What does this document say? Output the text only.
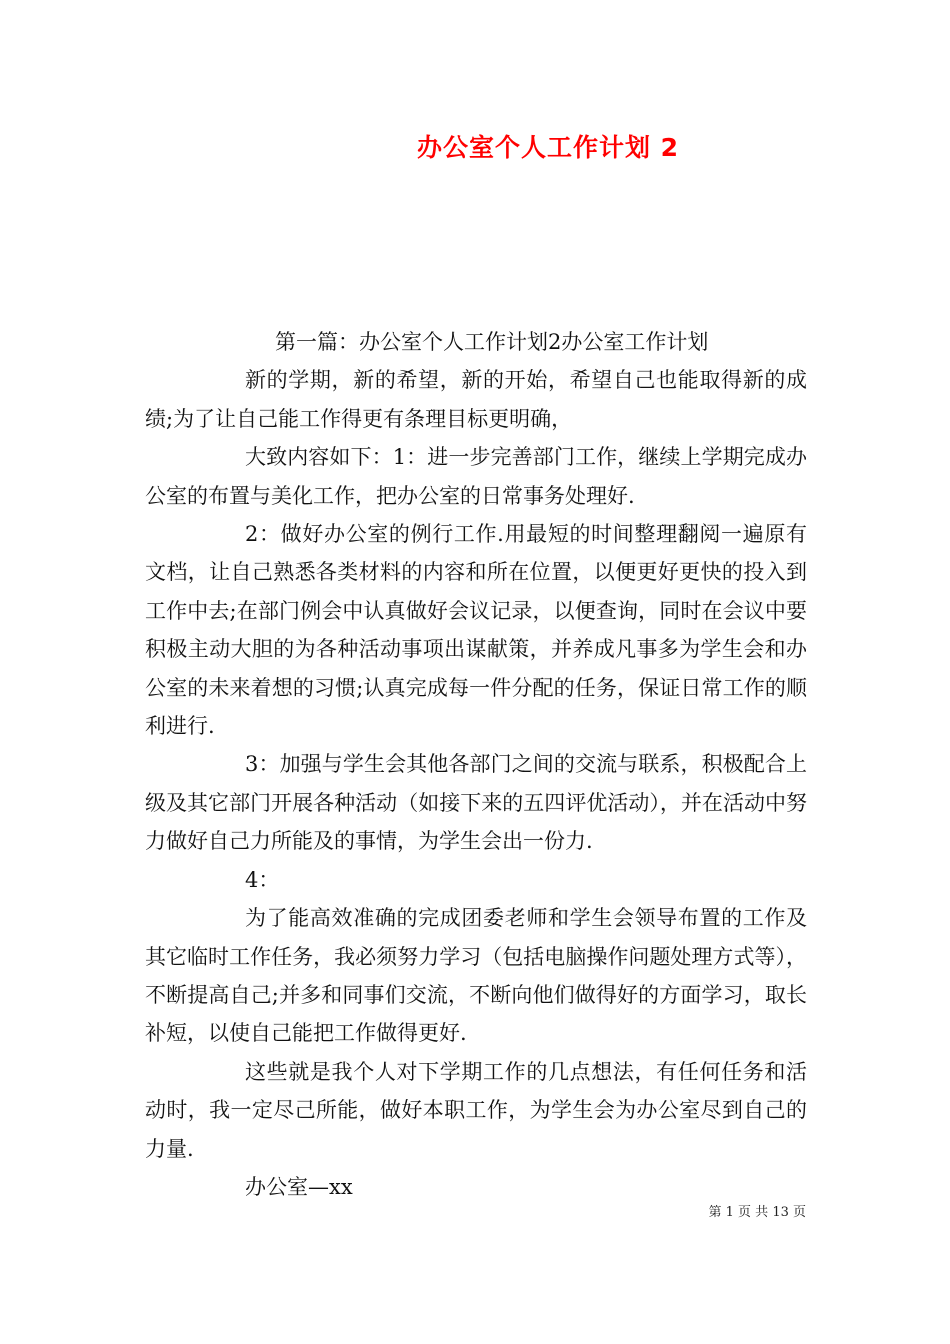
办公室个人工作计划 2

第一篇：办公室个人工作计划2办公室工作计划

新的学期，新的希望，新的开始，希望自己也能取得新的成绩;为了让自己能工作得更有条理目标更明确，

大致内容如下：1：进一步完善部门工作，继续上学期完成办公室的布置与美化工作，把办公室的日常事务处理好.

2：做好办公室的例行工作.用最短的时间整理翻阅一遍原有文档，让自己熟悉各类材料的内容和所在位置，以便更好更快的投入到工作中去;在部门例会中认真做好会议记录，以便查询，同时在会议中要积极主动大胆的为各种活动事项出谋献策，并养成凡事多为学生会和办公室的未来着想的习惯;认真完成每一件分配的任务，保证日常工作的顺利进行.

3：加强与学生会其他各部门之间的交流与联系，积极配合上级及其它部门开展各种活动（如接下来的五四评优活动），并在活动中努力做好自己力所能及的事情，为学生会出一份力.

4：

为了能高效准确的完成团委老师和学生会领导布置的工作及其它临时工作任务，我必须努力学习（包括电脑操作问题处理方式等），不断提高自己;并多和同事们交流，不断向他们做得好的方面学习，取长补短，以使自己能把工作做得更好.

这些就是我个人对下学期工作的几点想法，有任何任务和活动时，我一定尽己所能，做好本职工作，为学生会为办公室尽到自己的力量.

办公室—xx

第 1 页 共 13 页
